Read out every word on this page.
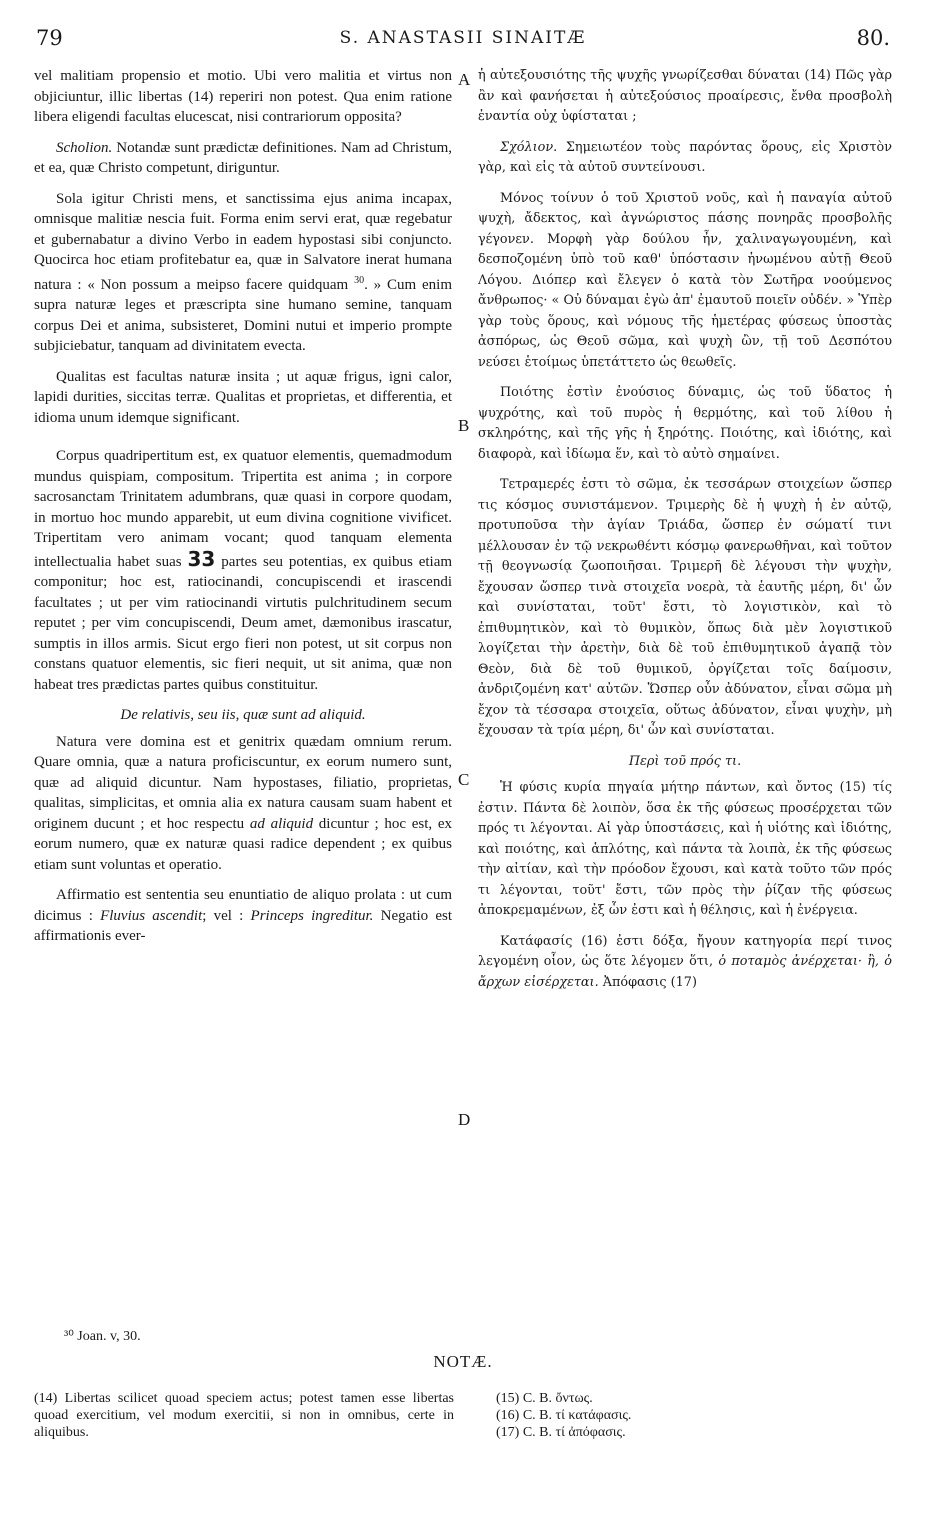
79	S. ANASTASII SINAITÆ	80.

vel malitiam propensio et motio. Ubi vero malitia et virtus non objiciuntur, illic libertas (14) reperiri non potest. Qua enim ratione libera eligendi facultas elucescat, nisi contrariorum opposita?

Scholion. Notandæ sunt prædictæ definitiones. Nam ad Christum, et ea, quæ Christo competunt, diriguntur.

Sola igitur Christi mens, et sanctissima ejus anima incapax, omnisque malitiæ nescia fuit. Forma enim servi erat, quæ regebatur et gubernabatur a divino Verbo in eadem hypostasi sibi conjuncto. Quocirca hoc etiam profitebatur ea, quæ in Salvatore inerat humana natura : « Non possum a meipso facere quidquam $^{30}$. » Cum enim supra naturæ leges et præscripta sine humano semine, tanquam corpus Dei et anima, subsisteret, Domini nutui et imperio prompte subjiciebatur, tanquam ad divinitatem evecta.

Qualitas est facultas naturæ insita ; ut aquæ frigus, igni calor, lapidi durities, siccitas terræ. Qualitas et proprietas, et differentia, et idioma unum idemque significant.

Corpus quadripertitum est, ex quatuor elementis, quemadmodum mundus quispiam, compositum. Tripertita est anima ; in corpore sacrosanctam Trinitatem adumbrans, quæ quasi in corpore quodam, in mortuo hoc mundo apparebit, ut eum divina cognitione vivificet. Tripertitam vero animam vocant; quod tanquam elementa intellectualia habet suas 33 partes seu potentias, ex quibus etiam componitur; hoc est, ratiocinandi, concupiscendi et irascendi facultates ; ut per vim ratiocinandi virtutis pulchritudinem secum reputet ; per vim concupiscendi, Deum amet, dæmonibus irascatur, sumptis in illos armis. Sicut ergo fieri non potest, ut sit corpus non constans quatuor elementis, sic fieri nequit, ut sit anima, quæ non habeat tres prædictas partes quibus constituitur.

De relativis, seu iis, quæ sunt ad aliquid.

Natura vere domina est et genitrix quædam omnium rerum. Quare omnia, quæ a natura proficiscuntur, ex eorum numero sunt, quæ ad aliquid dicuntur. Nam hypostases, filiatio, proprietas, qualitas, simplicitas, et omnia alia ex natura causam suam habent et originem ducunt ; et hoc respectu ad aliquid dicuntur ; hoc est, ex eorum numero, quæ ex naturæ quasi radice dependent ; ex quibus etiam sunt voluntas et operatio.

Affirmatio est sententia seu enuntiatio de aliquo prolata : ut cum dicimus : Fluvius ascendit; vel : Princeps ingreditur. Negatio est affirmationis ever-

A
B
C
D

ἡ αὐτεξουσιότης τῆς ψυχῆς γνωρίζεσθαι δύναται (14) Πῶς γὰρ ἂν καὶ φανήσεται ἡ αὐτεξούσιος προαίρεσις, ἔνθα προσβολὴ ἐναντία οὐχ ὑφίσταται ;

Σχόλιον. Σημειωτέον τοὺς παρόντας ὅρους, εἰς Χριστὸν γὰρ, καὶ εἰς τὰ αὐτοῦ συντείνουσι.

Μόνος τοίνυν ὁ τοῦ Χριστοῦ νοῦς, καὶ ἡ παναγία αὐτοῦ ψυχὴ, ἄδεκτος, καὶ ἀγνώριστος πάσης πονηρᾶς προσβολῆς γέγονεν. Μορφὴ γὰρ δούλου ἦν, χαλιναγωγουμένη, καὶ δεσποζομένη ὑπὸ τοῦ καθ' ὑπόστασιν ἡνωμένου αὐτῇ Θεοῦ Λόγου. Διόπερ καὶ ἔλεγεν ὁ κατὰ τὸν Σωτῆρα νοούμενος ἄνθρωπος· « Οὐ δύναμαι ἐγὼ ἀπ' ἐμαυτοῦ ποιεῖν οὐδέν. » Ὑπὲρ γὰρ τοὺς ὅρους, καὶ νόμους τῆς ἡμετέρας φύσεως ὑποστὰς ἀσπόρως, ὡς Θεοῦ σῶμα, καὶ ψυχὴ ὢν, τῇ τοῦ Δεσπότου νεύσει ἑτοίμως ὑπετάττετο ὡς θεωθεῖς.

Ποιότης ἐστὶν ἐνούσιος δύναμις, ὡς τοῦ ὕδατος ἡ ψυχρότης, καὶ τοῦ πυρὸς ἡ θερμότης, καὶ τοῦ λίθου ἡ σκληρότης, καὶ τῆς γῆς ἡ ξηρότης. Ποιότης, καὶ ἰδιότης, καὶ διαφορὰ, καὶ ἰδίωμα ἕν, καὶ τὸ αὐτὸ σημαίνει.

Τετραμερές ἐστι τὸ σῶμα, ἐκ τεσσάρων στοιχείων ὥσπερ τις κόσμος συνιστάμενον. Τριμερὴς δὲ ἡ ψυχὴ ἡ ἐν αὐτῷ, προτυποῦσα τὴν ἁγίαν Τριάδα, ὥσπερ ἐν σώματί τινι μέλλουσαν ἐν τῷ νεκρωθέντι κόσμῳ φανερωθῆναι, καὶ τοῦτον τῇ θεογνωσίᾳ ζωοποιῆσαι. Τριμερῆ δὲ λέγουσι τὴν ψυχὴν, ἔχουσαν ὥσπερ τινὰ στοιχεῖα νοερὰ, τὰ ἑαυτῆς μέρη, δι' ὧν καὶ συνίσταται, τοῦτ' ἔστι, τὸ λογιστικὸν, καὶ τὸ ἐπιθυμητικὸν, καὶ τὸ θυμικὸν, ὅπως διὰ μὲν λογιστικοῦ λογίζεται τὴν ἀρετὴν, διὰ δὲ τοῦ ἐπιθυμητικοῦ ἀγαπᾷ τὸν Θεὸν, διὰ δὲ τοῦ θυμικοῦ, ὀργίζεται τοῖς δαίμοσιν, ἀνδριζομένη κατ' αὐτῶν. Ὥσπερ οὖν ἀδύνατον, εἶναι σῶμα μὴ ἔχον τὰ τέσσαρα στοιχεῖα, οὕτως ἀδύνατον, εἶναι ψυχὴν, μὴ ἔχουσαν τὰ τρία μέρη, δι' ὧν καὶ συνίσταται.

Περὶ τοῦ πρός τι.

Ἡ φύσις κυρία πηγαία μήτηρ πάντων, καὶ ὄντος (15) τίς ἐστιν. Πάντα δὲ λοιπὸν, ὅσα ἐκ τῆς φύσεως προσέρχεται τῶν πρός τι λέγονται. Αἱ γὰρ ὑποστάσεις, καὶ ἡ υἱότης καὶ ἰδιότης, καὶ ποιότης, καὶ ἁπλότης, καὶ πάντα τὰ λοιπὰ, ἐκ τῆς φύσεως τὴν αἰτίαν, καὶ τὴν πρόοδον ἔχουσι, καὶ κατὰ τοῦτο τῶν πρός τι λέγονται, τοῦτ' ἔστι, τῶν πρὸς τὴν ῥίζαν τῆς φύσεως ἀποκρεμαμένων, ἐξ ὧν ἐστι καὶ ἡ θέλησις, καὶ ἡ ἐνέργεια.

Κατάφασίς (16) ἐστι δόξα, ἤγουν κατηγορία περί τινος λεγομένη οἷον, ὡς ὅτε λέγομεν ὅτι, ὁ ποταμὸς ἀνέρχεται· ἢ, ὁ ἄρχων εἰσέρχεται. Ἀπόφασις (17)

³⁰ Joan. v, 30.
NOTÆ.
(14) Libertas scilicet quoad speciem actus; potest tamen esse libertas quoad exercitium, vel modum exercitii, si non in omnibus, certe in aliquibus.
(15) C. B. ὄντως.
(16) C. B. τί κατάφασις.
(17) C. B. τί ἀπόφασις.
